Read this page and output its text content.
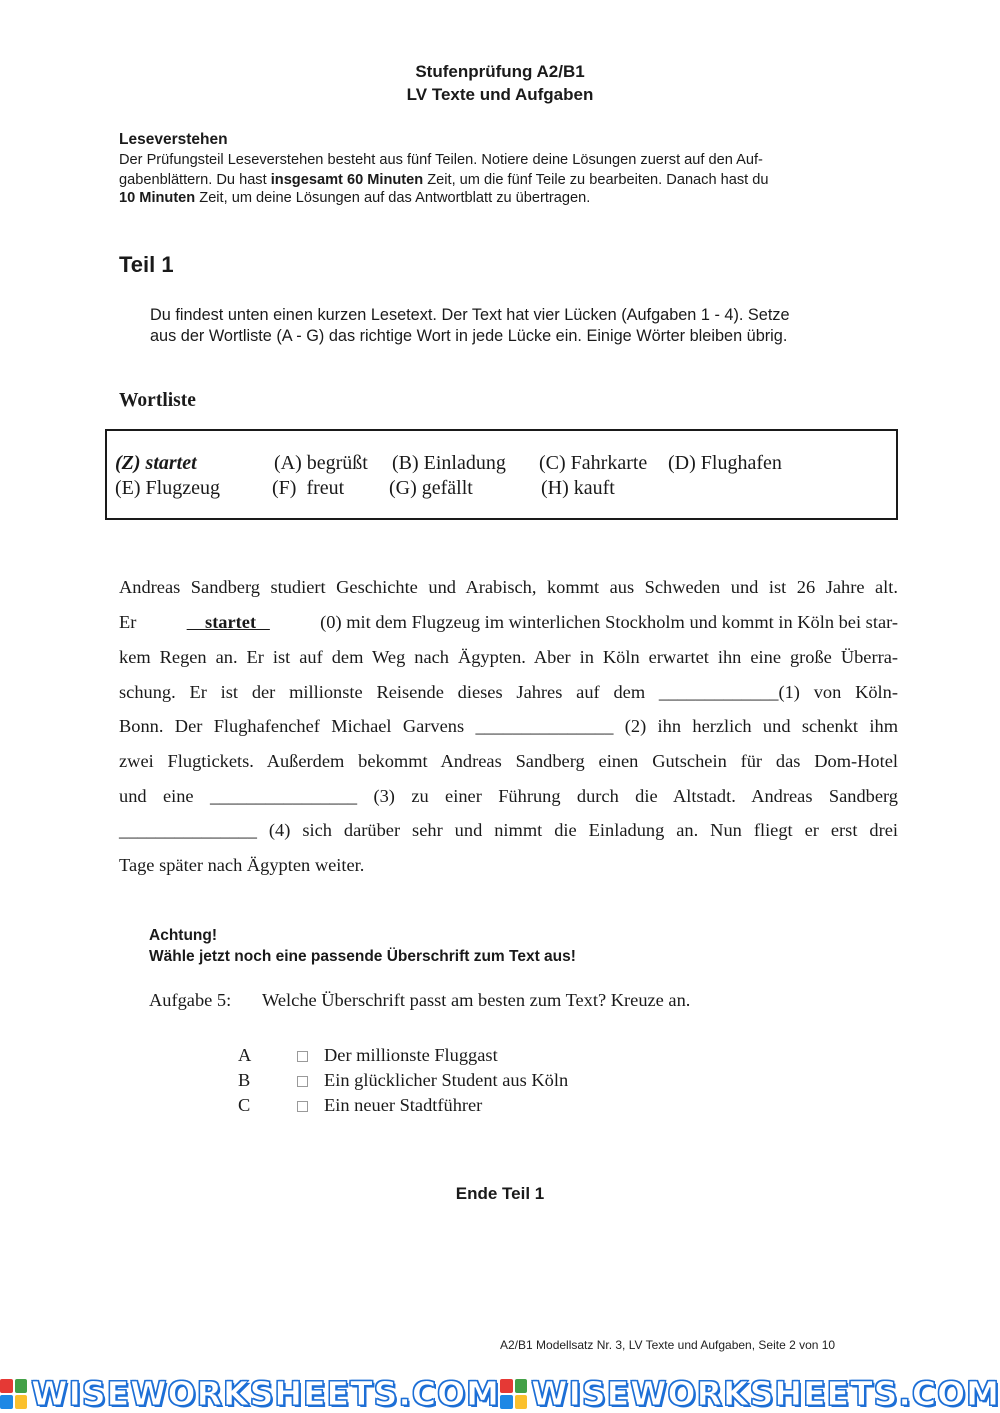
Stufenprüfung A2/B1
LV Texte und Aufgaben
Leseverstehen
Der Prüfungsteil Leseverstehen besteht aus fünf Teilen. Notiere deine Lösungen zuerst auf den Auf-
gabenblättern. Du hast insgesamt 60 Minuten Zeit, um die fünf Teile zu bearbeiten. Danach hast du
10 Minuten Zeit, um deine Lösungen auf das Antwortblatt zu übertragen.
Teil 1
Du findest unten einen kurzen Lesetext. Der Text hat vier Lücken (Aufgaben 1 - 4). Setze
aus der Wortliste (A - G) das richtige Wort in jede Lücke ein. Einige Wörter bleiben übrig.
Wortliste
(Z) startet	(A) begrüßt (B) Einladung (C) Fahrkarte (D) Flughafen
(E) Flugzeug	(F)  freut (G) gefällt	(H) kauft
Andreas Sandberg studiert Geschichte und Arabisch, kommt aus Schweden und ist 26 Jahre alt.
Er	startet	(0) mit dem Flugzeug im winterlichen Stockholm und kommt in Köln bei star-
kem Regen an. Er ist auf dem Weg nach Ägypten. Aber in Köln erwartet ihn eine große Überra-
schung. Er ist der millionste Reisende dieses Jahres auf dem _____________(1) von Köln-
Bonn. Der Flughafenchef Michael Garvens _______________ (2) ihn herzlich und schenkt ihm
zwei Flugtickets. Außerdem bekommt Andreas Sandberg einen Gutschein für das Dom-Hotel
und eine ________________ (3) zu einer Führung durch die Altstadt. Andreas Sandberg
_______________ (4) sich darüber sehr und nimmt die Einladung an. Nun fliegt er erst drei
Tage später nach Ägypten weiter.
Achtung!
Wähle jetzt noch eine passende Überschrift zum Text aus!
Aufgabe 5: Welche Überschrift passt am besten zum Text? Kreuze an.
A	Der millionste Fluggast
B	Ein glücklicher Student aus Köln
C	Ein neuer Stadtführer
Ende Teil 1
A2/B1 Modellsatz Nr. 3, LV Texte und Aufgaben, Seite 2 von 10
WISEWORKSHEETS.COM WISEWORKSHEETS.COM
